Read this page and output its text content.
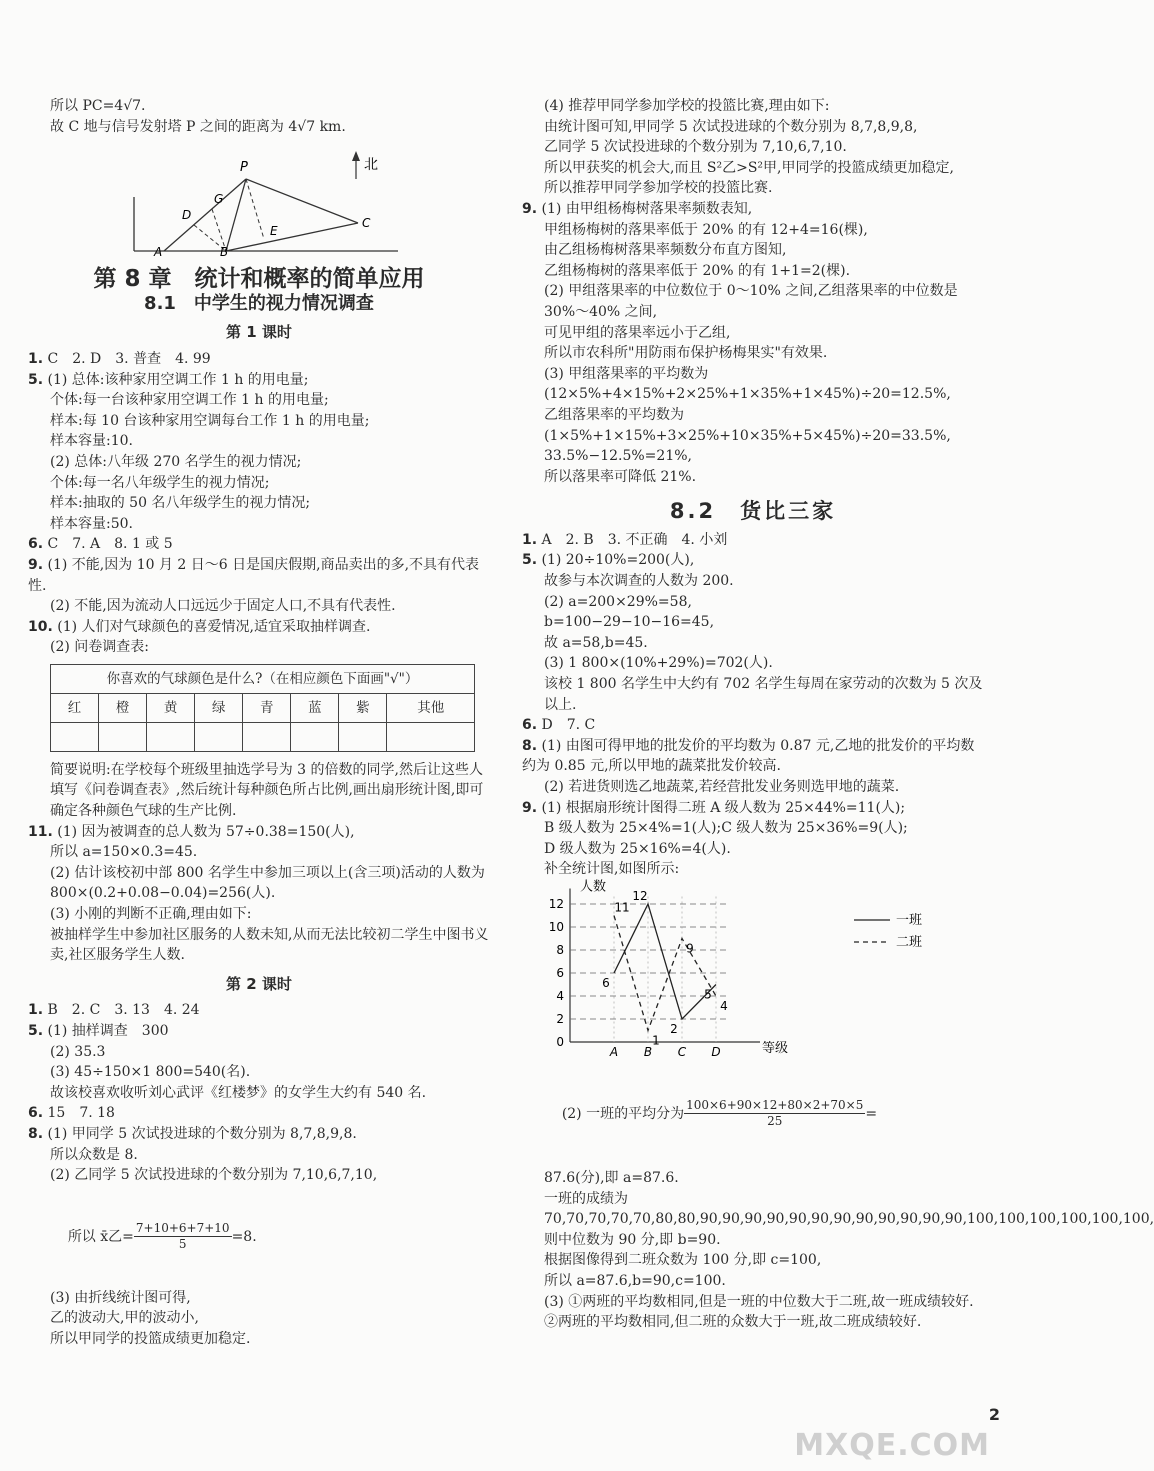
所以 PC=4√7.

故 C 地与信号发射塔 P 之间的距离为 4√7 km.

P	北
G
D
C
E
A	B
第 8 章　统计和概率的简单应用
8.1　中学生的视力情况调查
第 1 课时

1. C　2. D　3. 普查　4. 99

5. (1) 总体:该种家用空调工作 1 h 的用电量;

个体:每一台该种家用空调工作 1 h 的用电量;

样本:每 10 台该种家用空调每台工作 1 h 的用电量;

样本容量:10.

(2) 总体:八年级 270 名学生的视力情况;

个体:每一名八年级学生的视力情况;

样本:抽取的 50 名八年级学生的视力情况;

样本容量:50.

6. C　7. A　8. 1 或 5

9. (1) 不能,因为 10 月 2 日～6 日是国庆假期,商品卖出的多,不具有代表性.

(2) 不能,因为流动人口远远少于固定人口,不具有代表性.

10. (1) 人们对气球颜色的喜爱情况,适宜采取抽样调查.

(2) 问卷调查表:

你喜欢的气球颜色是什么?（在相应颜色下面画"√"）							
红	橙	黄	绿	青	蓝	紫	其他

简要说明:在学校每个班级里抽选学号为 3 的倍数的同学,然后让这些人填写《问卷调查表》,然后统计每种颜色所占比例,画出扇形统计图,即可确定各种颜色气球的生产比例.

11. (1) 因为被调查的总人数为 57÷0.38=150(人),

所以 a=150×0.3=45.

(2) 估计该校初中部 800 名学生中参加三项以上(含三项)活动的人数为 800×(0.2+0.08−0.04)=256(人).

(3) 小刚的判断不正确,理由如下:

被抽样学生中参加社区服务的人数未知,从而无法比较初二学生中图书义卖,社区服务学生人数.

第 2 课时

1. B　2. C　3. 13　4. 24

5. (1) 抽样调查　300

(2) 35.3

(3) 45÷150×1 800=540(名).

故该校喜欢收听刘心武评《红楼梦》的女学生大约有 540 名.

6. 15　7. 18

8. (1) 甲同学 5 次试投进球的个数分别为 8,7,8,9,8.

所以众数是 8.

(2) 乙同学 5 次试投进球的个数分别为 7,10,6,7,10,

所以 x̄乙= $\frac{7+10+6+7+10}{5} =8$.

(3) 由折线统计图可得,

乙的波动大,甲的波动小,

所以甲同学的投篮成绩更加稳定.

(4) 推荐甲同学参加学校的投篮比赛,理由如下:

由统计图可知,甲同学 5 次试投进球的个数分别为 8,7,8,9,8,

乙同学 5 次试投进球的个数分别为 7,10,6,7,10.

所以甲获奖的机会大,而且 S²乙>S²甲,甲同学的投篮成绩更加稳定,

所以推荐甲同学参加学校的投篮比赛.

9. (1) 由甲组杨梅树落果率频数表知,

甲组杨梅树的落果率低于 20% 的有 12+4=16(棵),

由乙组杨梅树落果率频数分布直方图知,

乙组杨梅树的落果率低于 20% 的有 1+1=2(棵).

(2) 甲组落果率的中位数位于 0～10% 之间,乙组落果率的中位数是 30%～40% 之间,

可见甲组的落果率远小于乙组,

所以市农科所"用防雨布保护杨梅果实"有效果.

(3) 甲组落果率的平均数为(12×5%+4×15%+2×25%+1×35%+1×45%)÷20=12.5%,

乙组落果率的平均数为(1×5%+1×15%+3×25%+10×35%+5×45%)÷20=33.5%,

33.5%−12.5%=21%,

所以落果率可降低 21%.

8.2　货比三家

1. A　2. B　3. 不正确　4. 小刘

5. (1) 20÷10%=200(人),

故参与本次调查的人数为 200.

(2) a=200×29%=58,

b=100−29−10−16=45,

故 a=58,b=45.

(3) 1 800×(10%+29%)=702(人).

该校 1 800 名学生中大约有 702 名学生每周在家劳动的次数为 5 次及以上.

6. D　7. C

8. (1) 由图可得甲地的批发价的平均数为 0.87 元,乙地的批发价的平均数约为 0.85 元,所以甲地的蔬菜批发价较高.

(2) 若进货则选乙地蔬菜,若经营批发业务则选甲地的蔬菜.

9. (1) 根据扇形统计图得二班 A 级人数为 25×44%=11(人);

B 级人数为 25×4%=1(人);C 级人数为 25×36%=9(人);

D 级人数为 25×16%=4(人).

补全统计图,如图所示:

0
2
4
6
8
10
12
A B C D
人数
等级
6
12
2
5
11
1
9
4
一班
二班

(2) 一班的平均分为 $\frac{100\times 6+90\times 12+80\times 2+70\times 5}{25}$ =

87.6(分),即 a=87.6.

一班的成绩为 70,70,70,70,70,80,80,90,90,90,90,90,90,90,90,90,90,90,90,100,100,100,100,100,100,则中位数为 90 分,即 b=90.

根据图像得到二班众数为 100 分,即 c=100,

所以 a=87.6,b=90,c=100.

(3) ①两班的平均数相同,但是一班的中位数大于二班,故一班成绩较好.

②两班的平均数相同,但二班的众数大于一班,故二班成绩较好.

2
MXQE.COM
